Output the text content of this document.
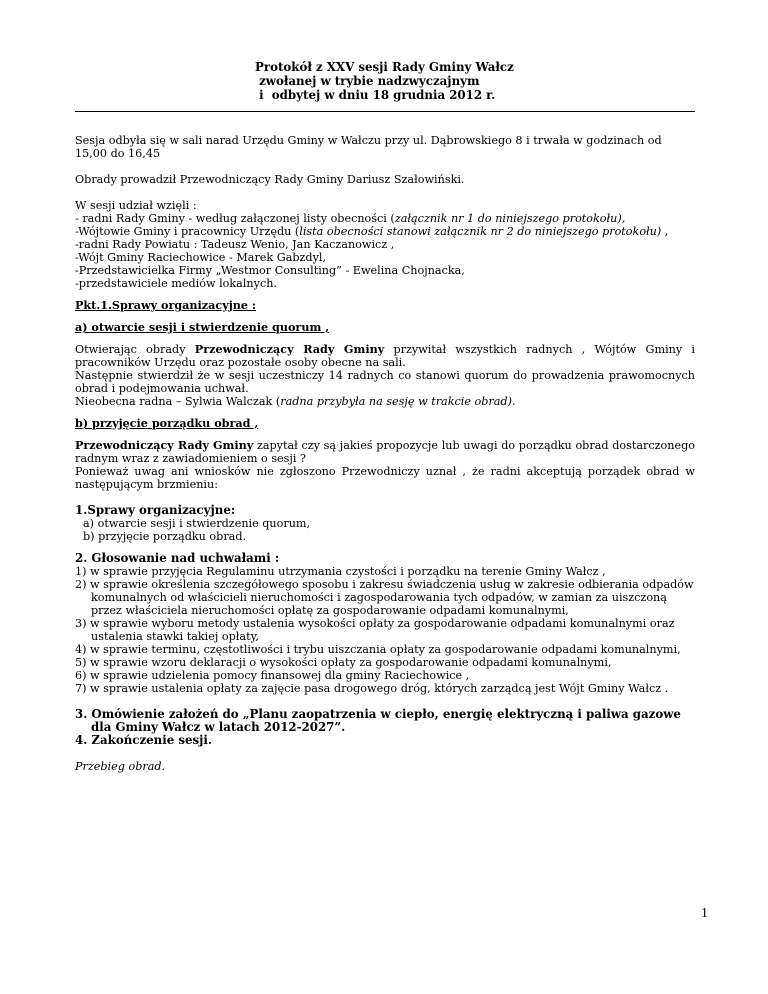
Protokół z XXV sesji Rady Gminy Wałcz
zwołanej w trybie nadzwyczajnym
i  odbytej w dniu 18 grudnia 2012 r.

Sesja odbyła się w sali narad Urzędu Gminy w Wałczu przy ul. Dąbrowskiego 8 i trwała w godzinach od 15,00 do 16,45

Obrady prowadził Przewodniczący Rady Gminy Dariusz Szałowiński.

W sesji udział wzięli :

- radni Rady Gminy - według załączonej listy obecności (załącznik nr 1 do niniejszego protokołu),

-Wójtowie Gminy i pracownicy Urzędu (lista obecności stanowi załącznik nr 2 do niniejszego protokołu) ,

-radni Rady Powiatu : Tadeusz Wenio, Jan Kaczanowicz ,

-Wójt Gminy Raciechowice - Marek Gabzdyl,

-Przedstawicielka Firmy „Westmor Consulting” - Ewelina Chojnacka,

-przedstawiciele mediów lokalnych.

Pkt.1.Sprawy organizacyjne :

a) otwarcie sesji i stwierdzenie quorum ,

Otwierając obrady Przewodniczący Rady Gminy przywitał wszystkich radnych , Wójtów Gminy i pracowników Urzędu oraz pozostałe osoby obecne na sali.

Następnie stwierdził że w sesji uczestniczy 14 radnych co stanowi quorum do prowadzenia prawomocnych obrad i podejmowania uchwał.

Nieobecna radna – Sylwia Walczak (radna przybyła na sesję w trakcie obrad).

b) przyjęcie porządku obrad ,

Przewodniczący Rady Gminy zapytał czy są jakieś propozycje lub uwagi do porządku obrad dostarczonego radnym wraz z zawiadomieniem o sesji ?

Ponieważ uwag ani wniosków nie zgłoszono Przewodniczy uznał , że radni akceptują porządek obrad w następującym brzmieniu:

1.Sprawy organizacyjne:

a) otwarcie sesji i stwierdzenie quorum,

b) przyjęcie porządku obrad.

2. Głosowanie nad uchwałami :

1) w sprawie przyjęcia Regulaminu utrzymania czystości i porządku na terenie Gminy Wałcz ,

2) w sprawie określenia szczegółowego sposobu i zakresu świadczenia usług w zakresie odbierania odpadów

komunalnych od właścicieli nieruchomości i zagospodarowania tych odpadów, w zamian za uiszczoną

przez właściciela nieruchomości opłatę za gospodarowanie odpadami komunalnymi,

3) w sprawie wyboru metody ustalenia wysokości opłaty za gospodarowanie odpadami komunalnymi oraz

ustalenia stawki takiej opłaty,

4) w sprawie terminu, częstotliwości i trybu uiszczania opłaty za gospodarowanie odpadami komunalnymi,

5) w sprawie wzoru deklaracji o wysokości opłaty za gospodarowanie odpadami komunalnymi,

6) w sprawie udzielenia pomocy finansowej dla gminy Raciechowice ,

7) w sprawie ustalenia opłaty za zajęcie pasa drogowego dróg, których zarządcą jest Wójt Gminy Wałcz .

3. Omówienie założeń do „Planu zaopatrzenia w ciepło, energię elektryczną i paliwa gazowe

dla Gminy Wałcz w latach 2012-2027”.

4. Zakończenie sesji.

Przebieg obrad.

1
